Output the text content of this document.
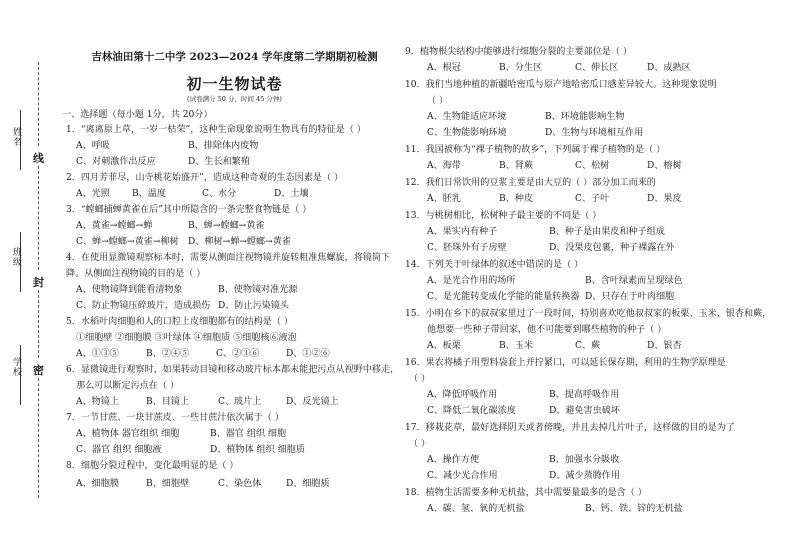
姓名
班级
学校
线
封
密
吉林油田第十二中学 2023—2024 学年度第二学期期初检测
初一生物试卷
(试卷满分 50 分，时间 45 分钟)
一、选择题（每小题 1分，共 20分）
1．“离离原上草，一岁一枯荣”，这种生命现象说明生物具有的特征是（ ）
A、呼吸	B、排除体内废物
C、对刺激作出反应	D、生长和繁殖
2．四月芳菲尽，山寺桃花始盛开”，造成这种奇观的生态因素是（ ）
A、光照 B、温度	C、水分	D、土壤
3．“螳螂捕蝉黄雀在后”其中所隐含的一条完整食物链是（ ）
A、黄雀→螳螂→蝉	B、蝉→螳螂→黄雀
C、蝉→螳螂→黄雀→柳树 D、柳树→蝉→螳螂→黄雀
4．在使用显微镜观察标本时，需要从侧面注视物镜并旋转粗准焦螺旋，将镜筒下
降。从侧面注视物镜的目的是（ ）
A、使物镜降到能看清物象	B、使物镜对准光源
C、防止物镜压碎玻片，造成损伤 D、防止污染镜头
5．水稻叶肉细胞和人的口腔上皮细胞都有的结构是（ ）
①细胞壁 ②细胞膜 ③叶绿体 ④细胞质 ⑤细胞核⑥液泡
A、①③⑤	B、②④⑤	C、②③⑥	D、①②⑥
6．显微镜进行观察时，如果转动目镜和移动玻片标本都未能把污点从视野中移走，
那么可以断定污点在（ ）
A、物镜上	B、目镜上	C、玻片上	D、反光镜上
7．一节甘蔗、一块甘蔗皮、一些甘蔗汁依次属于（ ）
A、植物体 器官组织 细胞	B、器官 组织 细胞
C、器官 组织 细胞液	D、植物体 组织 细胞质
8．细胞分裂过程中，变化最明显的是（ ）
A、细胞膜	B、细胞壁	C、染色体	D、细胞质
9．植物根尖结构中能够进行细胞分裂的主要部位是（ ）
A、根冠	B、分生区	C、伸长区	D、成熟区
10．我们当地种植的新疆哈密瓜与原产地哈密瓜口感差异较大。这种现象说明
（ ）
A、生物能适应环境	B、环境能影响生物
C、生物能影响环境	D、生物与环境相互作用
11．我国被称为“裸子植物的故乡”，下列属于裸子植物的是（ ）
A、海带	B、肾蕨	C、松树	D、榕树
12．我们日常饮用的豆浆主要是由大豆的（ ）部分加工而来的
A、胚乳	B、种皮	C、子叶	D、果皮
13．与桃树相比，松树种子最主要的不同是（ ）
A、果实内有种子	B、种子是由果皮和种子组成
C、胚珠外有子房壁	D、没果皮包裹，种子裸露在外
14．下列关于叶绿体的叙述中错误的是（ ）
A、是光合作用的场所	B、含叶绿素而呈现绿色
C、是光能转变成化学能的能量转换器 D、只存在于叶肉细胞
15．小明在乡下的叔叔家里过了一段时间，特别喜欢吃他叔叔家的板栗、玉米、银杏和蕨，
他想要一些种子带回家，他不可能要到哪些植物的种子（ ）
A、板栗	B、玉米	C、蕨	D、银杏
16．果农将橘子用塑料袋套上并拧紧口，可以延长保存期，利用的生物学原理是
（ ）
A、降低呼吸作用	B、提高呼吸作用
C、降低二氧化碳浓度	D、避免害虫破坏
17．移栽花草，最好选择阴天或者傍晚，并且去掉几片叶子，这样做的目的是为了
（ ）
A、操作方便	B、加强水分吸收
C、减少光合作用	D、减少蒸腾作用
18．植物生活需要多种无机盐，其中需要量最多的是含（ ）
A、碳、氢、氧的无机盐	B、钙、铁、锌的无机盐
